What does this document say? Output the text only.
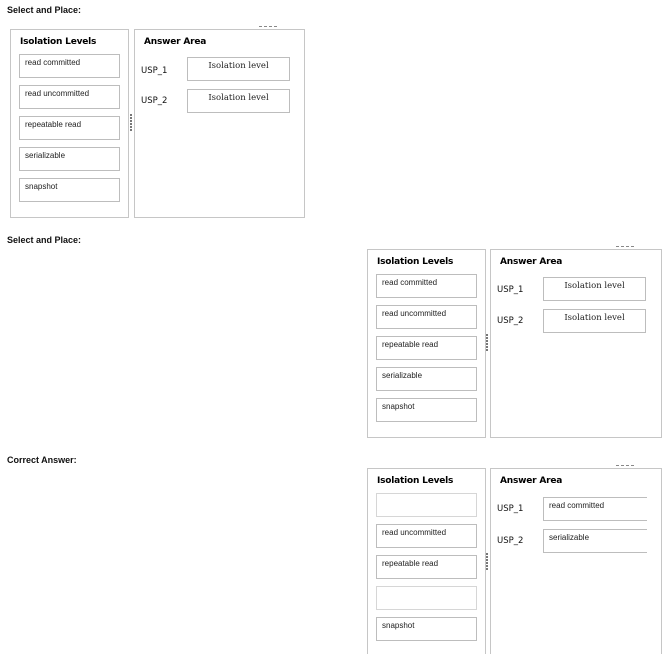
Select and Place:
Isolation Levels
read committed
read uncommitted
repeatable read
serializable
snapshot
Answer Area
USP_1	Isolation level
USP_2	Isolation level
Select and Place:
Isolation Levels
read committed
read uncommitted
repeatable read
serializable
snapshot
Answer Area
USP_1	Isolation level
USP_2	Isolation level
Correct Answer:
Isolation Levels
read uncommitted
repeatable read
snapshot
Answer Area
USP_1	read committed
USP_2	serializable
